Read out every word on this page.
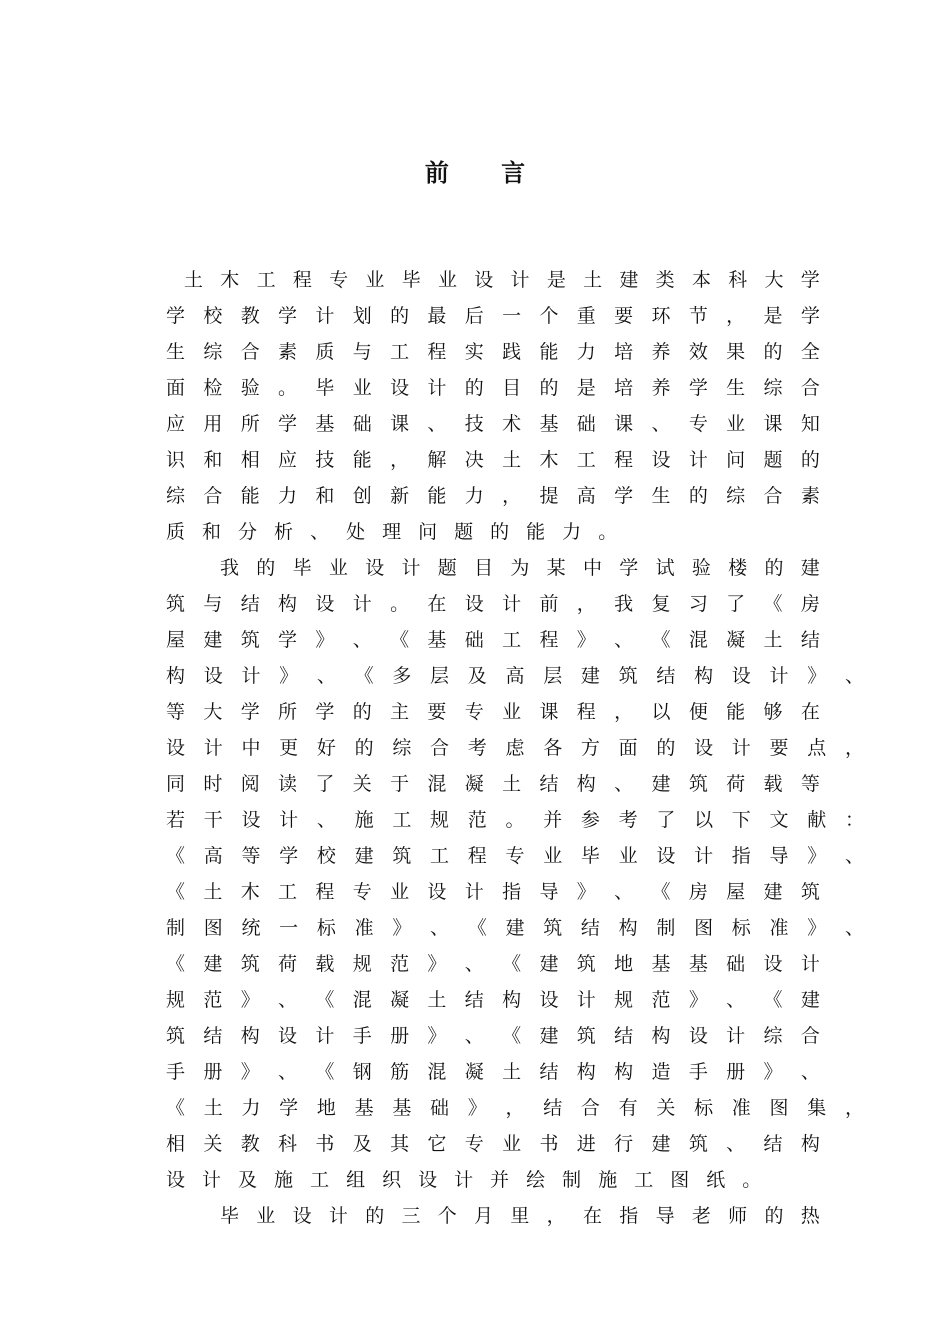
前 言
土 木 工 程 专 业 毕 业 设 计 是 土 建 类 本 科 大 学
学 校 教 学 计 划 的 最 后 一 个 重 要 环 节 ， 是 学
生 综 合 素 质 与 工 程 实 践 能 力 培 养 效 果 的 全
面 检 验 。 毕 业 设 计 的 目 的 是 培 养 学 生 综 合
应 用 所 学 基 础 课 、 技 术 基 础 课 、 专 业 课 知
识 和 相 应 技 能 ， 解 决 土 木 工 程 设 计 问 题 的
综 合 能 力 和 创 新 能 力 ， 提 高 学 生 的 综 合 素
质 和 分 析 、 处 理 问 题 的 能 力 。
我 的 毕 业 设 计 题 目 为 某 中 学 试 验 楼 的 建
筑 与 结 构 设 计 。 在 设 计 前 ， 我 复 习 了 《 房
屋 建 筑 学 》 、 《 基 础 工 程 》 、 《 混 凝 土 结
构 设 计 》 、 《 多 层 及 高 层 建 筑 结 构 设 计 》 、
等 大 学 所 学 的 主 要 专 业 课 程 ， 以 便 能 够 在
设 计 中 更 好 的 综 合 考 虑 各 方 面 的 设 计 要 点 ，
同 时 阅 读 了 关 于 混 凝 土 结 构 、 建 筑 荷 载 等
若 干 设 计 、 施 工 规 范 。 并 参 考 了 以 下 文 献 ：
《 高 等 学 校 建 筑 工 程 专 业 毕 业 设 计 指 导 》 、
《 土 木 工 程 专 业 设 计 指 导 》 、 《 房 屋 建 筑
制 图 统 一 标 准 》 、 《 建 筑 结 构 制 图 标 准 》 、
《 建 筑 荷 载 规 范 》 、 《 建 筑 地 基 基 础 设 计
规 范 》 、 《 混 凝 土 结 构 设 计 规 范 》 、 《 建
筑 结 构 设 计 手 册 》 、 《 建 筑 结 构 设 计 综 合
手 册 》 、 《 钢 筋 混 凝 土 结 构 构 造 手 册 》 、
《 土 力 学 地 基 基 础 》 ， 结 合 有 关 标 准 图 集 ，
相 关 教 科 书 及 其 它 专 业 书 进 行 建 筑 、 结 构
设 计 及 施 工 组 织 设 计 并 绘 制 施 工 图 纸 。
毕 业 设 计 的 三 个 月 里 ， 在 指 导 老 师 的 热
